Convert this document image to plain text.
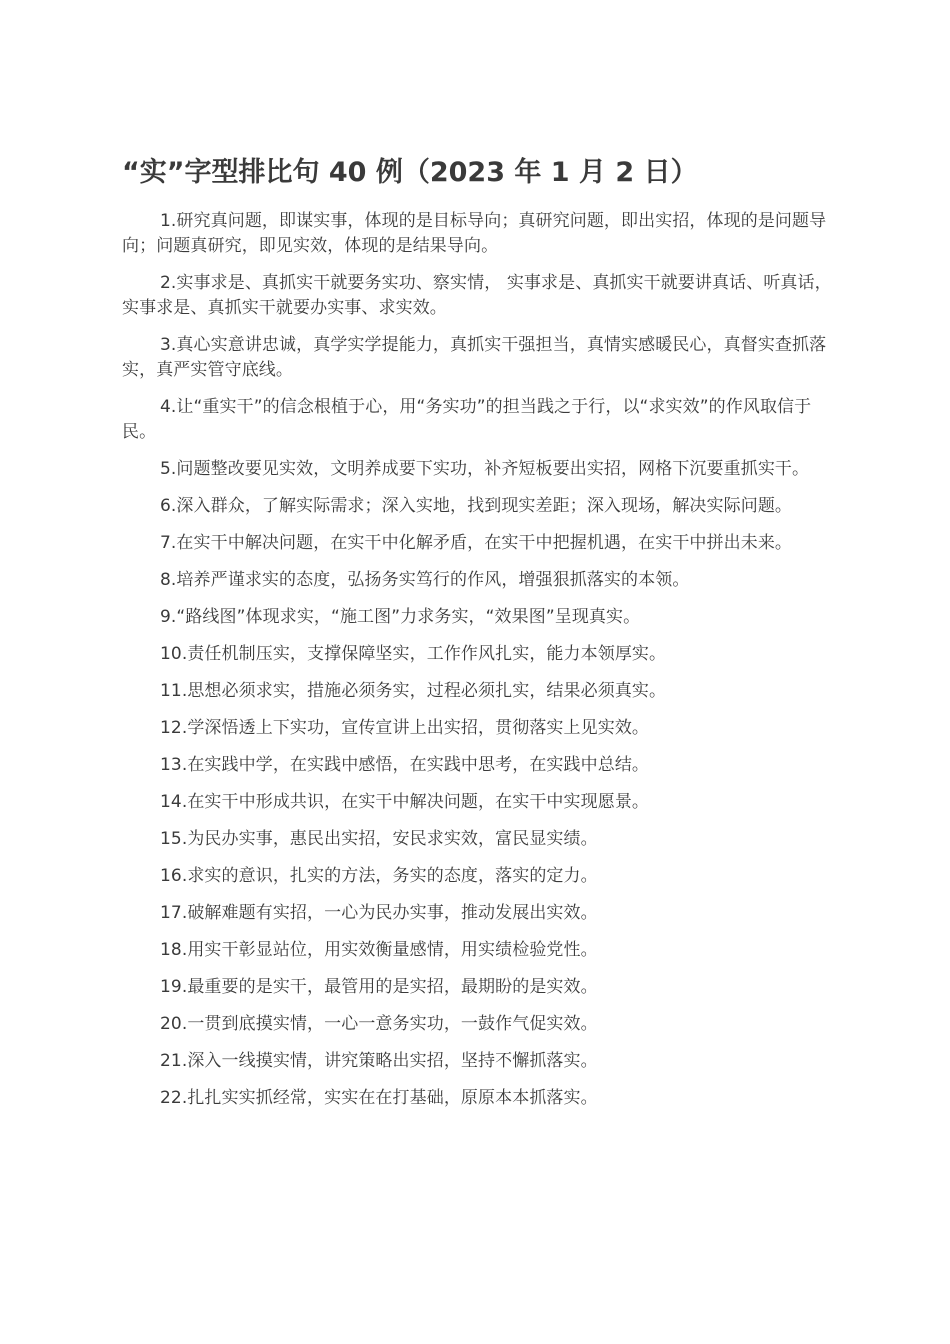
“实”字型排比句 40 例（2023 年 1 月 2 日）
1.研究真问题，即谋实事，体现的是目标导向；真研究问题，即出实招，体现的是问题导向；问题真研究，即见实效，体现的是结果导向。
2.实事求是、真抓实干就要务实功、察实情， 实事求是、真抓实干就要讲真话、听真话，实事求是、真抓实干就要办实事、求实效。
3.真心实意讲忠诚，真学实学提能力，真抓实干强担当，真情实感暖民心，真督实查抓落实，真严实管守底线。
4.让“重实干”的信念根植于心，用“务实功”的担当践之于行，以“求实效”的作风取信于民。
5.问题整改要见实效，文明养成要下实功，补齐短板要出实招，网格下沉要重抓实干。
6.深入群众，了解实际需求；深入实地，找到现实差距；深入现场，解决实际问题。
7.在实干中解决问题，在实干中化解矛盾，在实干中把握机遇，在实干中拼出未来。
8.培养严谨求实的态度，弘扬务实笃行的作风，增强狠抓落实的本领。
9.“路线图”体现求实，“施工图”力求务实，“效果图”呈现真实。
10.责任机制压实，支撑保障坚实，工作作风扎实，能力本领厚实。
11.思想必须求实，措施必须务实，过程必须扎实，结果必须真实。
12.学深悟透上下实功，宣传宣讲上出实招，贯彻落实上见实效。
13.在实践中学，在实践中感悟，在实践中思考，在实践中总结。
14.在实干中形成共识，在实干中解决问题，在实干中实现愿景。
15.为民办实事，惠民出实招，安民求实效，富民显实绩。
16.求实的意识，扎实的方法，务实的态度，落实的定力。
17.破解难题有实招，一心为民办实事，推动发展出实效。
18.用实干彰显站位，用实效衡量感情，用实绩检验党性。
19.最重要的是实干，最管用的是实招，最期盼的是实效。
20.一贯到底摸实情，一心一意务实功，一鼓作气促实效。
21.深入一线摸实情，讲究策略出实招，坚持不懈抓落实。
22.扎扎实实抓经常，实实在在打基础，原原本本抓落实。
